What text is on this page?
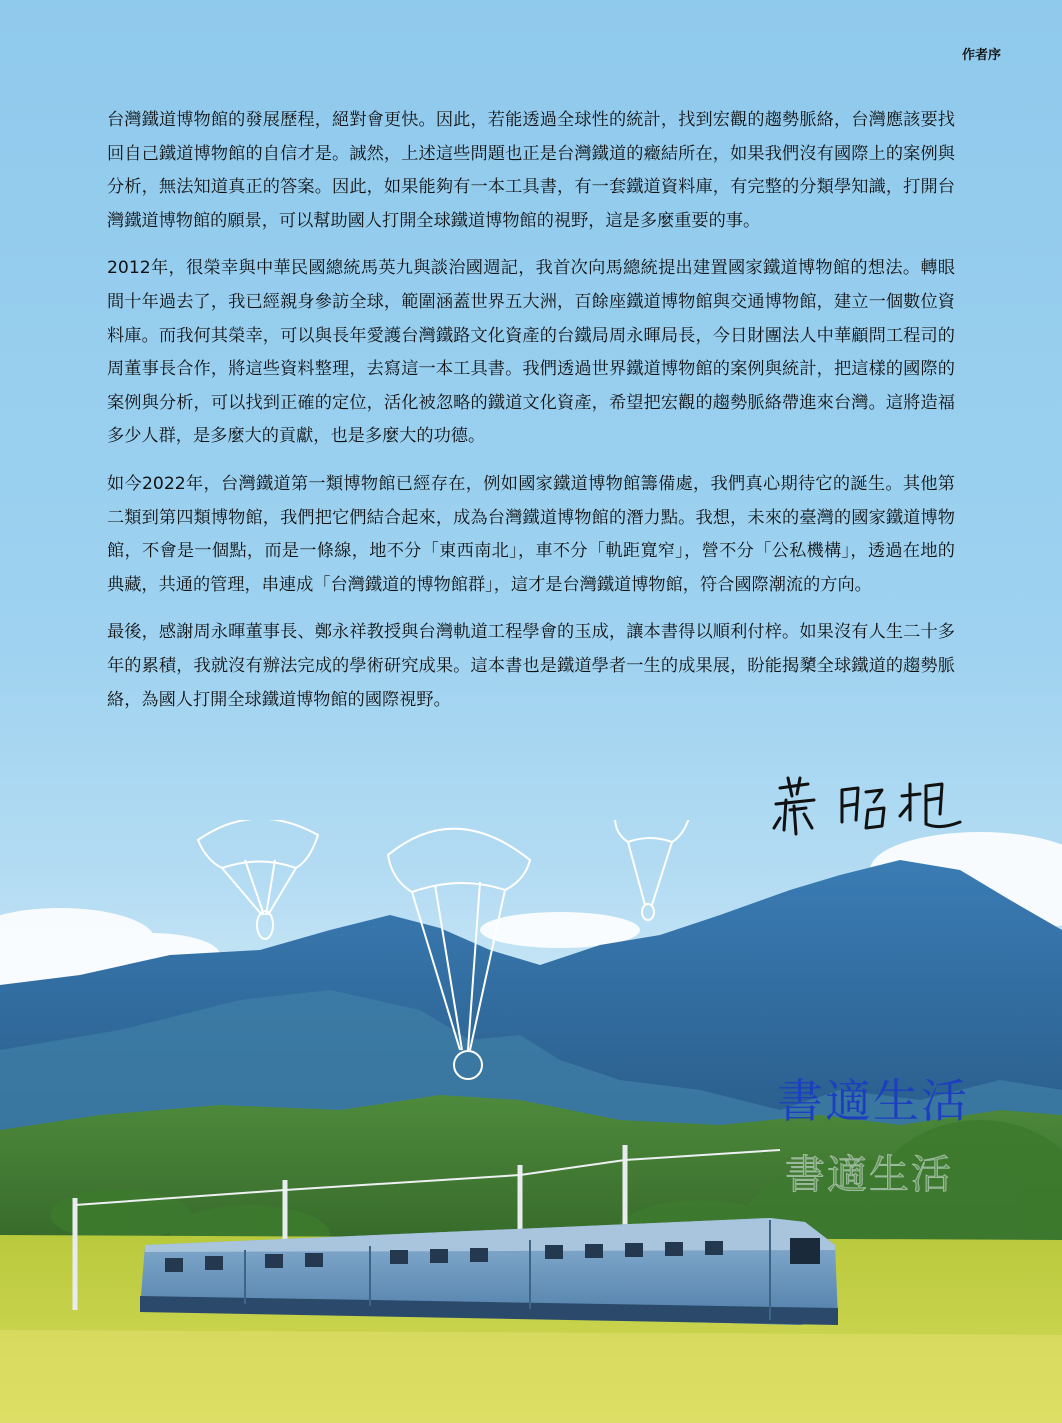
作者序

台灣鐵道博物館的發展歷程，絕對會更快。因此，若能透過全球性的統計，找到宏觀的趨勢脈絡，台灣應該要找回自己鐵道博物館的自信才是。誠然，上述這些問題也正是台灣鐵道的癥結所在，如果我們沒有國際上的案例與分析，無法知道真正的答案。因此，如果能夠有一本工具書，有一套鐵道資料庫，有完整的分類學知識，打開台灣鐵道博物館的願景，可以幫助國人打開全球鐵道博物館的視野，這是多麼重要的事。

2012年，很榮幸與中華民國總統馬英九與談治國週記，我首次向馬總統提出建置國家鐵道博物館的想法。轉眼間十年過去了，我已經親身參訪全球，範圍涵蓋世界五大洲，百餘座鐵道博物館與交通博物館，建立一個數位資料庫。而我何其榮幸，可以與長年愛護台灣鐵路文化資產的台鐵局周永暉局長，今日財團法人中華顧問工程司的周董事長合作，將這些資料整理，去寫這一本工具書。我們透過世界鐵道博物館的案例與統計，把這樣的國際的案例與分析，可以找到正確的定位，活化被忽略的鐵道文化資產，希望把宏觀的趨勢脈絡帶進來台灣。這將造福多少人群，是多麼大的貢獻，也是多麼大的功德。

如今2022年，台灣鐵道第一類博物館已經存在，例如國家鐵道博物館籌備處，我們真心期待它的誕生。其他第二類到第四類博物館，我們把它們結合起來，成為台灣鐵道博物館的潛力點。我想，未來的臺灣的國家鐵道博物館，不會是一個點，而是一條線，地不分「東西南北」，車不分「軌距寬窄」，營不分「公私機構」，透過在地的典藏，共通的管理，串連成「台灣鐵道的博物館群」，這才是台灣鐵道博物館，符合國際潮流的方向。

最後，感謝周永暉董事長、鄭永祥教授與台灣軌道工程學會的玉成，讓本書得以順利付梓。如果沒有人生二十多年的累積，我就沒有辦法完成的學術研究成果。這本書也是鐵道學者一生的成果展，盼能揭櫫全球鐵道的趨勢脈絡，為國人打開全球鐵道博物館的國際視野。

書適生活
書適生活
